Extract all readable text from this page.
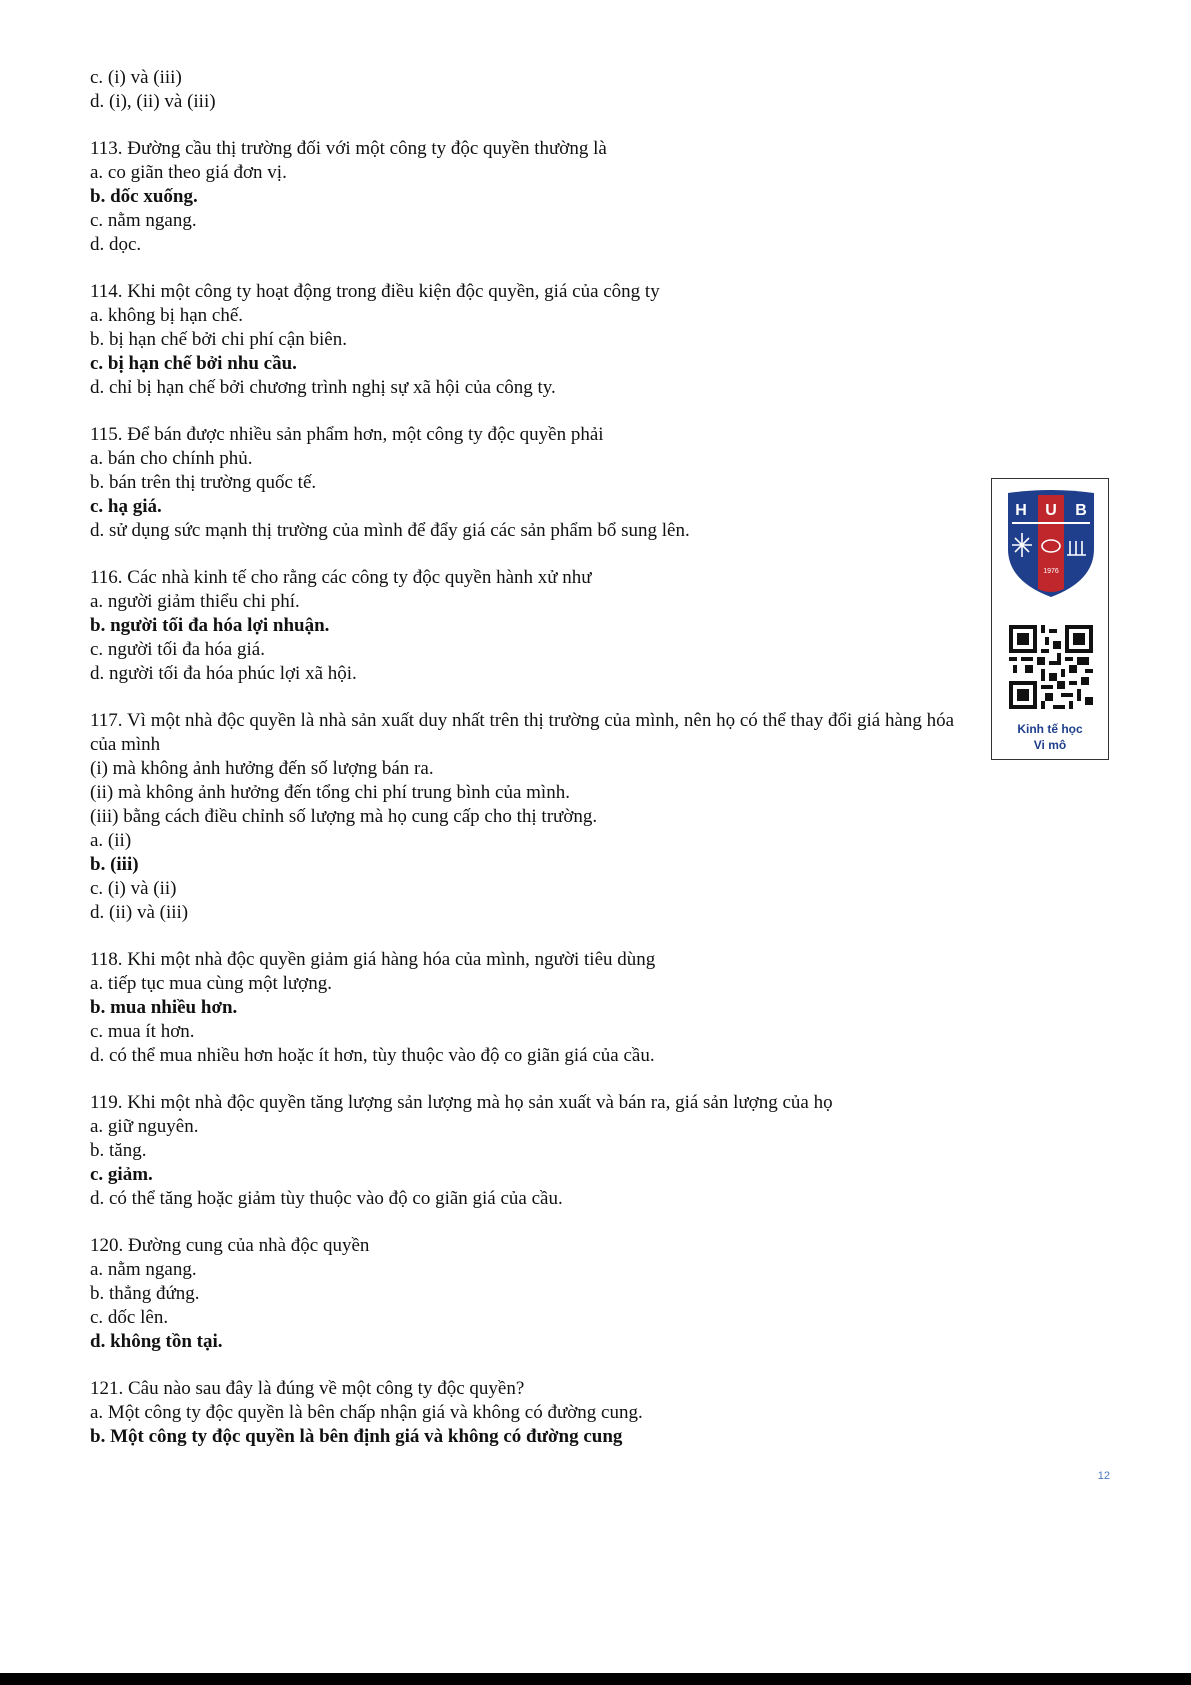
c. (i) và (iii)

d. (i), (ii) và (iii)

113. Đường cầu thị trường đối với một công ty độc quyền thường là

a. co giãn theo giá đơn vị.

b. dốc xuống.

c. nằm ngang.

d. dọc.

114. Khi một công ty hoạt động trong điều kiện độc quyền, giá của công ty

a. không bị hạn chế.

b. bị hạn chế bởi chi phí cận biên.

c. bị hạn chế bởi nhu cầu.

d. chỉ bị hạn chế bởi chương trình nghị sự xã hội của công ty.

115. Để bán được nhiều sản phẩm hơn, một công ty độc quyền phải

a. bán cho chính phủ.

b. bán trên thị trường quốc tế.

c. hạ giá.

d. sử dụng sức mạnh thị trường của mình để đẩy giá các sản phẩm bổ sung lên.

116. Các nhà kinh tế cho rằng các công ty độc quyền hành xử như

a. người giảm thiểu chi phí.

b. người tối đa hóa lợi nhuận.

c. người tối đa hóa giá.

d. người tối đa hóa phúc lợi xã hội.

117. Vì một nhà độc quyền là nhà sản xuất duy nhất trên thị trường của mình, nên họ có thể thay đổi giá hàng hóa của mình

(i) mà không ảnh hưởng đến số lượng bán ra.

(ii) mà không ảnh hưởng đến tổng chi phí trung bình của mình.

(iii) bằng cách điều chỉnh số lượng mà họ cung cấp cho thị trường.

a. (ii)

b. (iii)

c. (i) và (ii)

d. (ii) và (iii)

118. Khi một nhà độc quyền giảm giá hàng hóa của mình, người tiêu dùng

a. tiếp tục mua cùng một lượng.

b. mua nhiều hơn.

c. mua ít hơn.

d. có thể mua nhiều hơn hoặc ít hơn, tùy thuộc vào độ co giãn giá của cầu.

119. Khi một nhà độc quyền tăng lượng sản lượng mà họ sản xuất và bán ra, giá sản lượng của họ

a. giữ nguyên.

b. tăng.

c. giảm.

d. có thể tăng hoặc giảm tùy thuộc vào độ co giãn giá của cầu.

120. Đường cung của nhà độc quyền

a. nằm ngang.

b. thẳng đứng.

c. dốc lên.

d. không tồn tại.

121. Câu nào sau đây là đúng về một công ty độc quyền?

a. Một công ty độc quyền là bên chấp nhận giá và không có đường cung.

b. Một công ty độc quyền là bên định giá và không có đường cung

H U B
1976
Kinh tế học
Vi mô
12
